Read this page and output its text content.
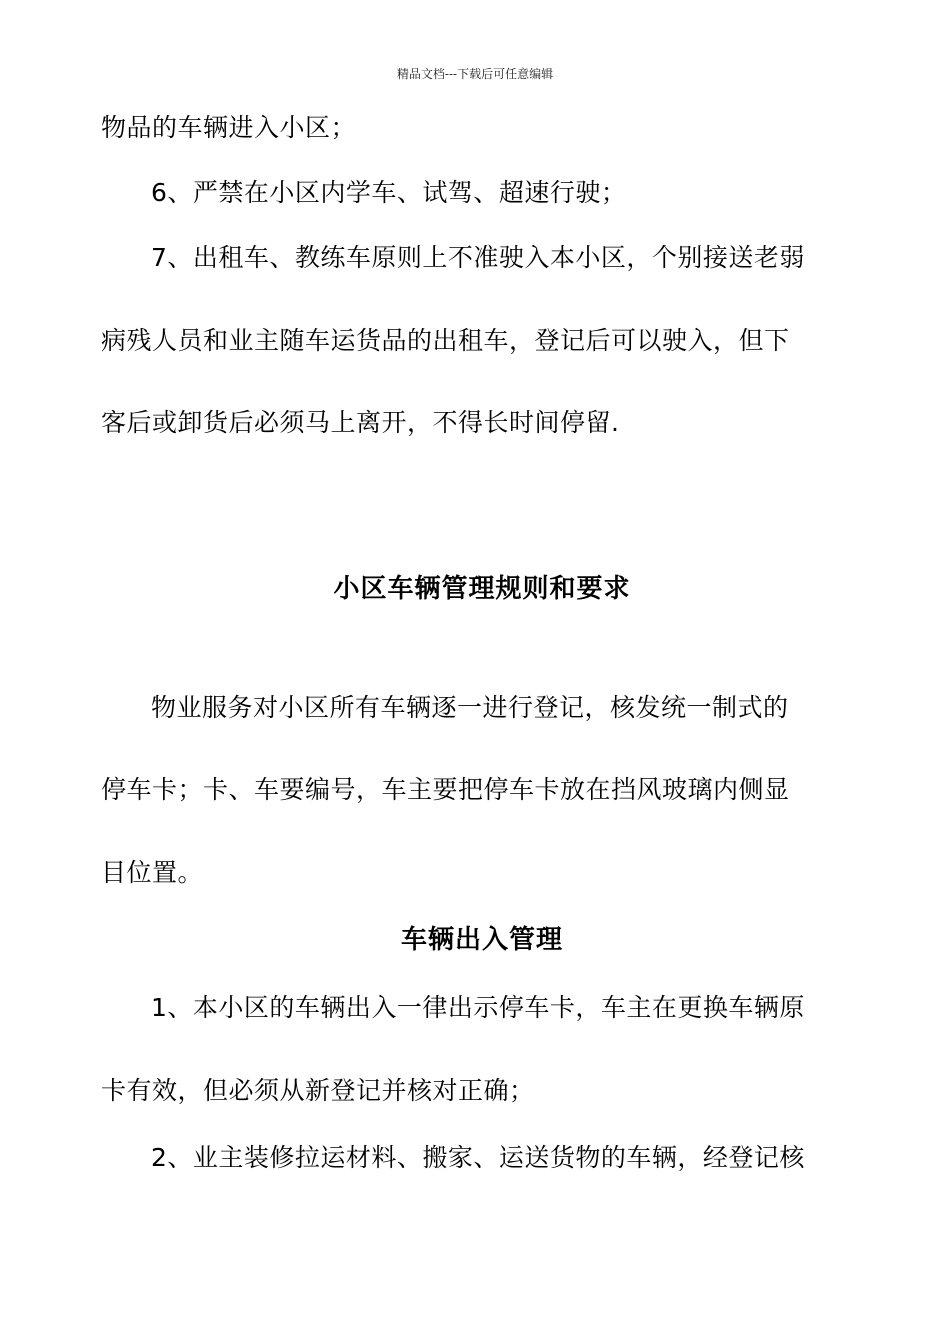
精品文档---下载后可任意编辑
物品的车辆进入小区；
6、严禁在小区内学车、试驾、超速行驶；
7、出租车、教练车原则上不准驶入本小区，个别接送老弱
病残人员和业主随车运货品的出租车，登记后可以驶入，但下
客后或卸货后必须马上离开，不得长时间停留.
小区车辆管理规则和要求
物业服务对小区所有车辆逐一进行登记，核发统一制式的
停车卡；卡、车要编号，车主要把停车卡放在挡风玻璃内侧显
目位置。
车辆出入管理
1、本小区的车辆出入一律出示停车卡，车主在更换车辆原
卡有效，但必须从新登记并核对正确；
2、业主装修拉运材料、搬家、运送货物的车辆，经登记核
